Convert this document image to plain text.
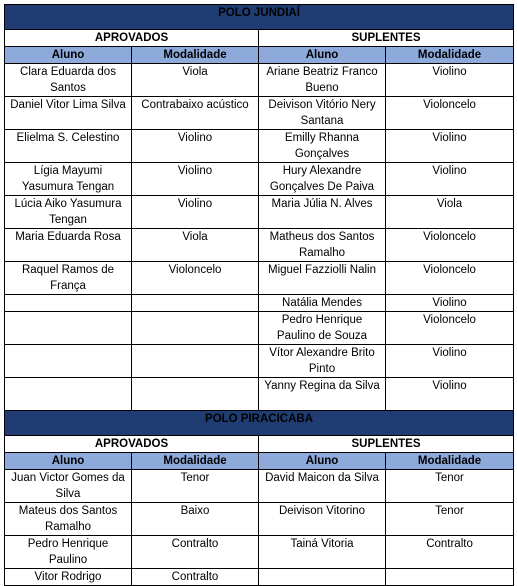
POLO JUNDIAÍ			
APROVADOS		SUPLENTES	
Aluno	Modalidade	Aluno	Modalidade
Clara Eduarda dos Santos	Viola	Ariane Beatriz Franco Bueno	Violino
Daniel Vitor Lima Silva	Contrabaixo acústico	Deivison Vitório Nery Santana	Violoncelo
Elielma S. Celestino	Violino	Emilly Rhanna Gonçalves	Violino
Lígia Mayumi Yasumura Tengan	Violino	Hury Alexandre Gonçalves De Paiva	Violino
Lúcia Aiko Yasumura Tengan	Violino	Maria Júlia N. Alves	Viola
Maria Eduarda Rosa	Viola	Matheus dos Santos Ramalho	Violoncelo
Raquel Ramos de França	Violoncelo	Miguel Fazziolli Nalin	Violoncelo
		Natália Mendes	Violino
		Pedro Henrique Paulino de Souza	Violoncelo
		Vítor Alexandre Brito Pinto	Violino
		Yanny Regina da Silva	Violino
POLO PIRACICABA			
APROVADOS		SUPLENTES	
Aluno	Modalidade	Aluno	Modalidade
Juan Victor Gomes da Silva	Tenor	David Maicon da Silva	Tenor
Mateus dos Santos Ramalho	Baixo	Deivison Vitorino	Tenor
Pedro Henrique Paulino	Contralto	Tainá Vitoria	Contralto
Vitor Rodrigo	Contralto		
